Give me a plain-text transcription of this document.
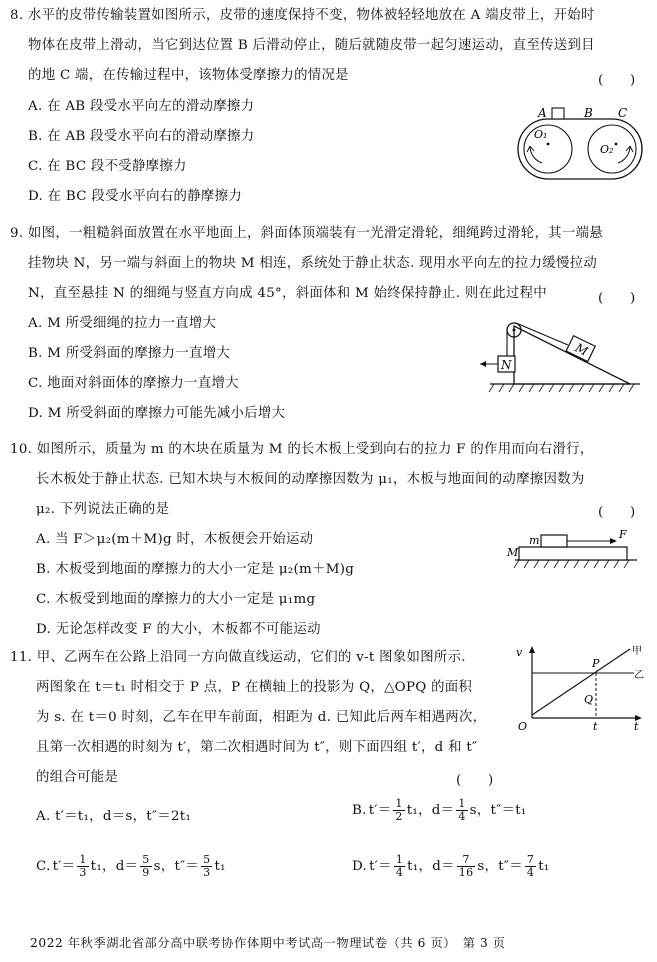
8. 水平的皮带传输装置如图所示，皮带的速度保持不变，物体被轻轻地放在 A 端皮带上，开始时
物体在皮带上滑动，当它到达位置 B 后滑动停止，随后就随皮带一起匀速运动，直至传送到目
的地 C 端，在传输过程中，该物体受摩擦力的情况是	(　　)
A. 在 AB 段受水平向左的滑动摩擦力
B. 在 AB 段受水平向右的滑动摩擦力
C. 在 BC 段不受静摩擦力
D. 在 BC 段受水平向右的静摩擦力
A	B C
O₁
O₂
9. 如图，一粗糙斜面放置在水平地面上，斜面体顶端装有一光滑定滑轮，细绳跨过滑轮，其一端悬
挂物块 N，另一端与斜面上的物块 M 相连，系统处于静止状态. 现用水平向左的拉力缓慢拉动
N，直至悬挂 N 的细绳与竖直方向成 45°，斜面体和 M 始终保持静止. 则在此过程中	(　　)
A. M 所受细绳的拉力一直增大
B. M 所受斜面的摩擦力一直增大
C. 地面对斜面体的摩擦力一直增大
D. M 所受斜面的摩擦力可能先减小后增大
M
N
10. 如图所示，质量为 m 的木块在质量为 M 的长木板上受到向右的拉力 F 的作用而向右滑行，
长木板处于静止状态. 已知木块与木板间的动摩擦因数为 μ₁，木板与地面间的动摩擦因数为
μ₂. 下列说法正确的是	(　　)
A. 当 F＞μ₂(m＋M)g 时，木板便会开始运动
B. 木板受到地面的摩擦力的大小一定是 μ₂(m＋M)g
C. 木板受到地面的摩擦力的大小一定是 μ₁mg
D. 无论怎样改变 F 的大小，木板都不可能运动
m
M
F
11. 甲、乙两车在公路上沿同一方向做直线运动，它们的 v-t 图象如图所示.
两图象在 t＝t₁ 时相交于 P 点，P 在横轴上的投影为 Q，△OPQ 的面积
为 s. 在 t＝0 时刻，乙车在甲车前面，相距为 d. 已知此后两车相遇两次，
且第一次相遇的时刻为 t′，第二次相遇时间为 t″，则下面四组 t′，d 和 t″
的组合可能是	(　　)
v
P
Q
O	t
t
甲
乙
A. t′＝t₁，d＝s，t″＝2t₁	B. $t'= \frac{1}{2} t_1$，$d= \frac{1}{4}$ s，t″＝t₁
C. $t'= \frac{1}{3} t_1$，$d= \frac{5}{9}$ s，$t''= \frac{5}{3} t_1$	D. $t'= \frac{1}{4} t_1$，$d= \frac{7}{16}$ s，$t''= \frac{7}{4} t_1$
2022 年秋季湖北省部分高中联考协作体期中考试高一物理试卷（共 6 页）　第 3 页
